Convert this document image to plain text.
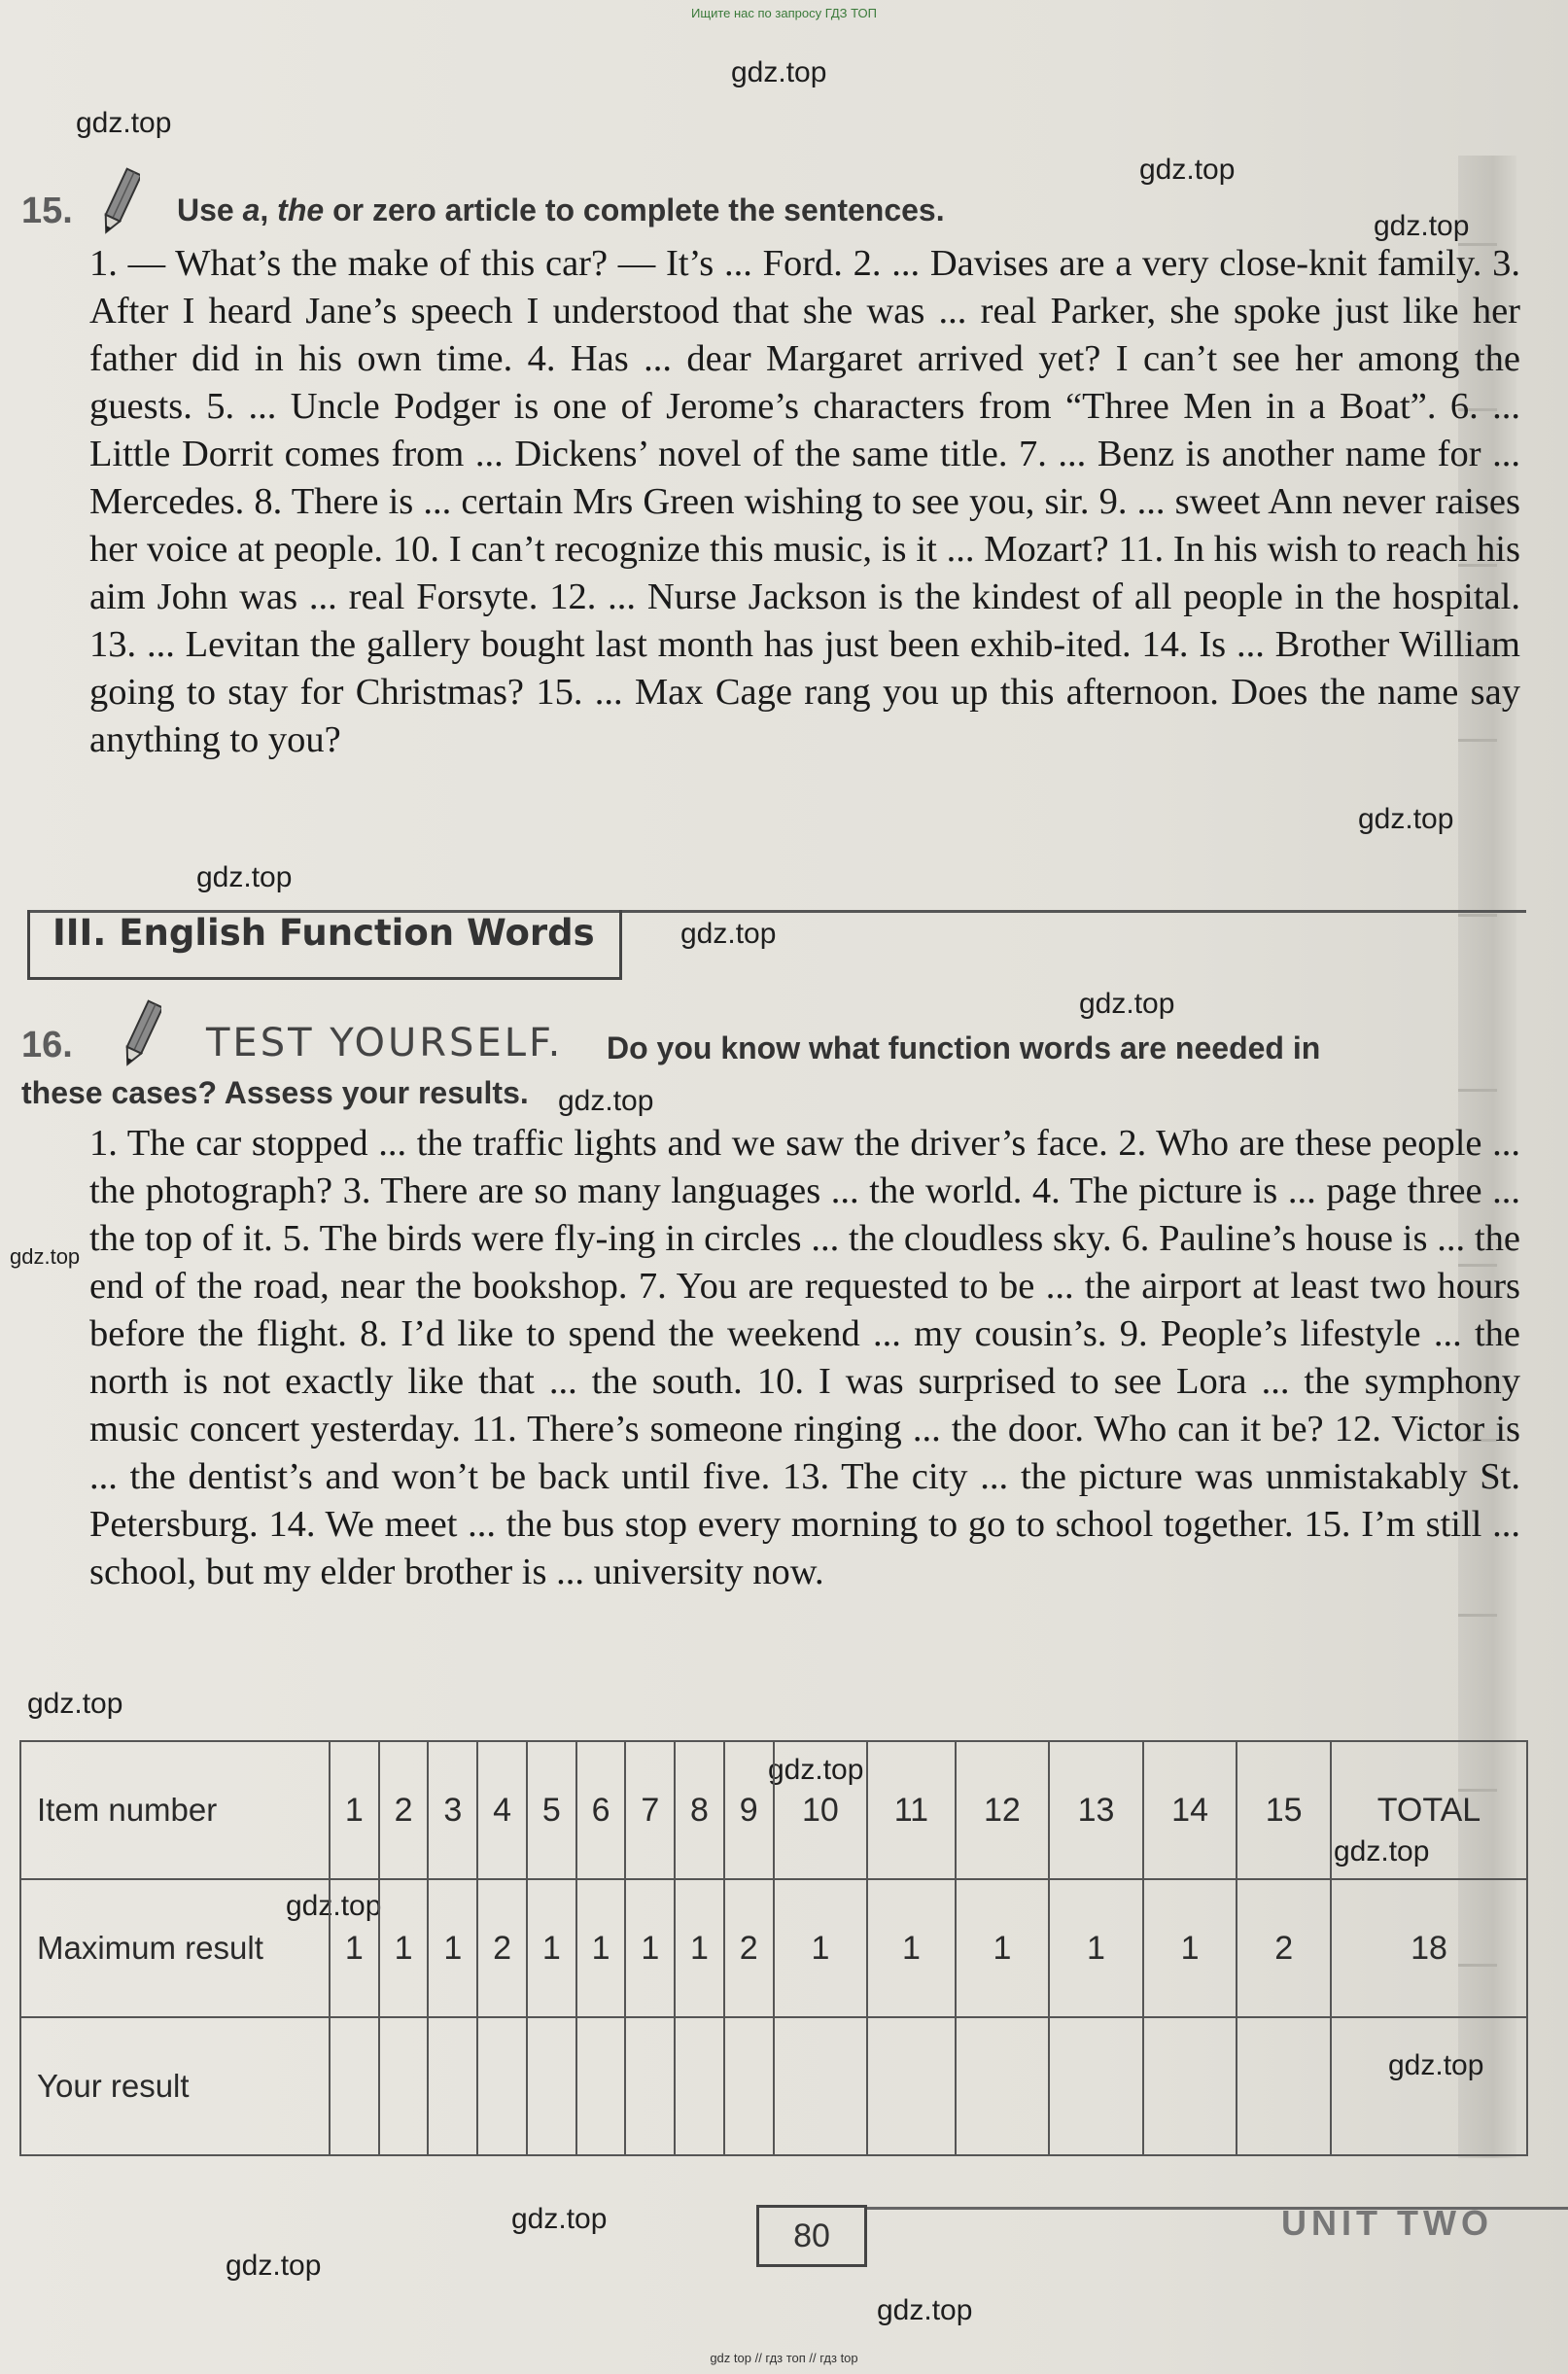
Ищите нас по запросу ГДЗ ТОП
gdz.top
gdz.top
gdz.top
gdz.top
gdz.top
gdz.top
gdz.top
gdz.top
gdz.top
gdz.top
gdz.top
gdz.top
gdz.top
gdz.top
gdz.top
gdz.top
gdz.top
gdz.top
15.	Use a, the or zero article to complete the sentences.
1. — What’s the make of this car? — It’s ... Ford. 2. ... Davises are a very close-knit family. 3. After I heard Jane’s speech I understood that she was ... real Parker, she spoke just like her father did in his own time. 4. Has ... dear Margaret arrived yet? I can’t see her among the guests. 5. ... Uncle Podger is one of Jerome’s characters from “Three Men in a Boat”. 6. ... Little Dorrit comes from ... Dickens’ novel of the same title. 7. ... Benz is another name for ... Mercedes. 8. There is ... certain Mrs Green wishing to see you, sir. 9. ... sweet Ann never raises her voice at people. 10. I can’t recognize this music, is it ... Mozart? 11. In his wish to reach his aim John was ... real Forsyte. 12. ... Nurse Jackson is the kindest of all people in the hospital. 13. ... Levitan the gallery bought last month has just been exhib-ited. 14. Is ... Brother William going to stay for Christmas? 15. ... Max Cage rang you up this afternoon. Does the name say anything to you?
III. English Function Words
16.	TEST YOURSELF. Do you know what function words are needed in
these cases? Assess your results.
1. The car stopped ... the traffic lights and we saw the driver’s face. 2. Who are these people ... the photograph? 3. There are so many languages ... the world. 4. The picture is ... page three ... the top of it. 5. The birds were fly-ing in circles ... the cloudless sky. 6. Pauline’s house is ... the end of the road, near the bookshop. 7. You are requested to be ... the airport at least two hours before the flight. 8. I’d like to spend the weekend ... my cousin’s. 9. People’s lifestyle ... the north is not exactly like that ... the south. 10. I was surprised to see Lora ... the symphony music concert yesterday. 11. There’s someone ringing ... the door. Who can it be? 12. Victor is ... the dentist’s and won’t be back until five. 13. The city ... the picture was unmistakably St. Petersburg. 14. We meet ... the bus stop every morning to go to school together. 15. I’m still ... school, but my elder brother is ... university now.
Item number	1	2	3	4	5	6	7	8	9	10	11	12	13	14	15	TOTAL
Maximum result	1	1	1	2	1	1	1	1	2	1	1	1	1	1	2	18
Your result																
80	UNIT TWO
gdz top // гдз топ // гдз top
